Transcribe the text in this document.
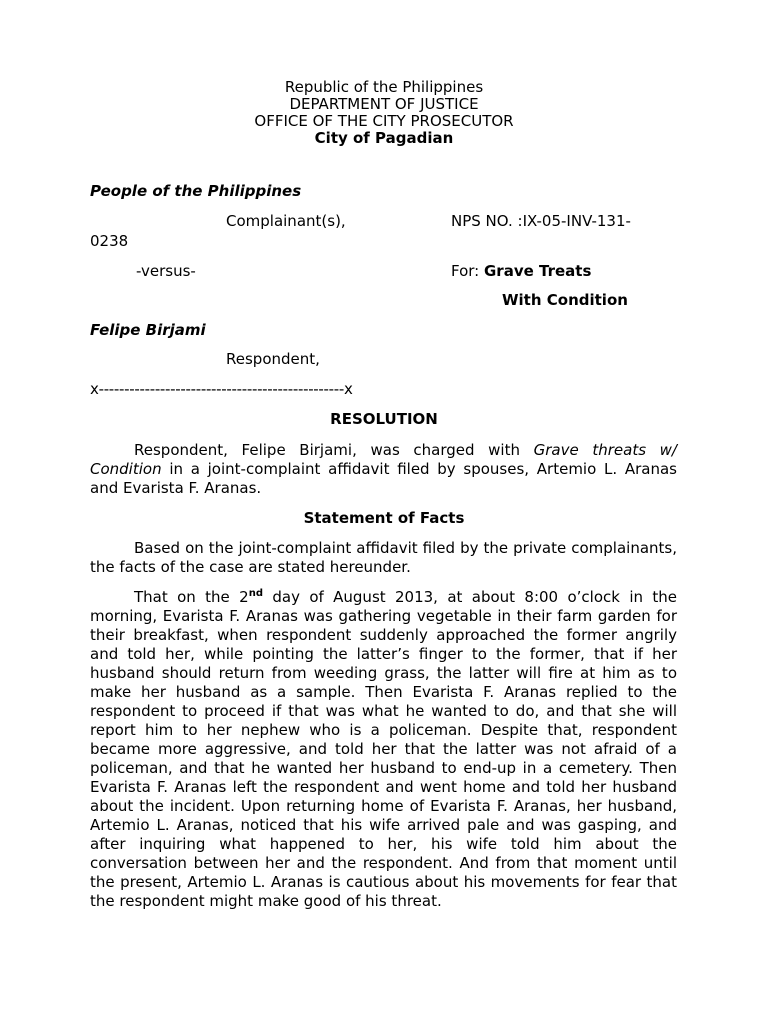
Republic of the Philippines
DEPARTMENT OF JUSTICE
OFFICE OF THE CITY PROSECUTOR
City of Pagadian
People of the Philippines
Complainant(s),	NPS NO. :IX-05-INV-131-
0238
-versus-	For: Grave Treats
With Condition
Felipe Birjami
Respondent,
x------------------------------------------------x
RESOLUTION

Respondent, Felipe Birjami, was charged with Grave threats w/ Condition in a joint-complaint affidavit filed by spouses, Artemio L. Aranas and Evarista F. Aranas.

Statement of Facts

Based on the joint-complaint affidavit filed by the private complainants, the facts of the case are stated hereunder.

That on the 2nd day of August 2013, at about 8:00 o’clock in the morning, Evarista F. Aranas was gathering vegetable in their farm garden for their breakfast, when respondent suddenly approached the former angrily and told her, while pointing the latter’s finger to the former, that if her husband should return from weeding grass, the latter will fire at him as to make her husband as a sample. Then Evarista F. Aranas replied to the respondent to proceed if that was what he wanted to do, and that she will report him to her nephew who is a policeman. Despite that, respondent became more aggressive, and told her that the latter was not afraid of a policeman, and that he wanted her husband to end-up in a cemetery. Then Evarista F. Aranas left the respondent and went home and told her husband about the incident. Upon returning home of Evarista F. Aranas, her husband, Artemio L. Aranas, noticed that his wife arrived pale and was gasping, and after inquiring what happened to her, his wife told him about the conversation between her and the respondent. And from that moment until the present, Artemio L. Aranas is cautious about his movements for fear that the respondent might make good of his threat.
